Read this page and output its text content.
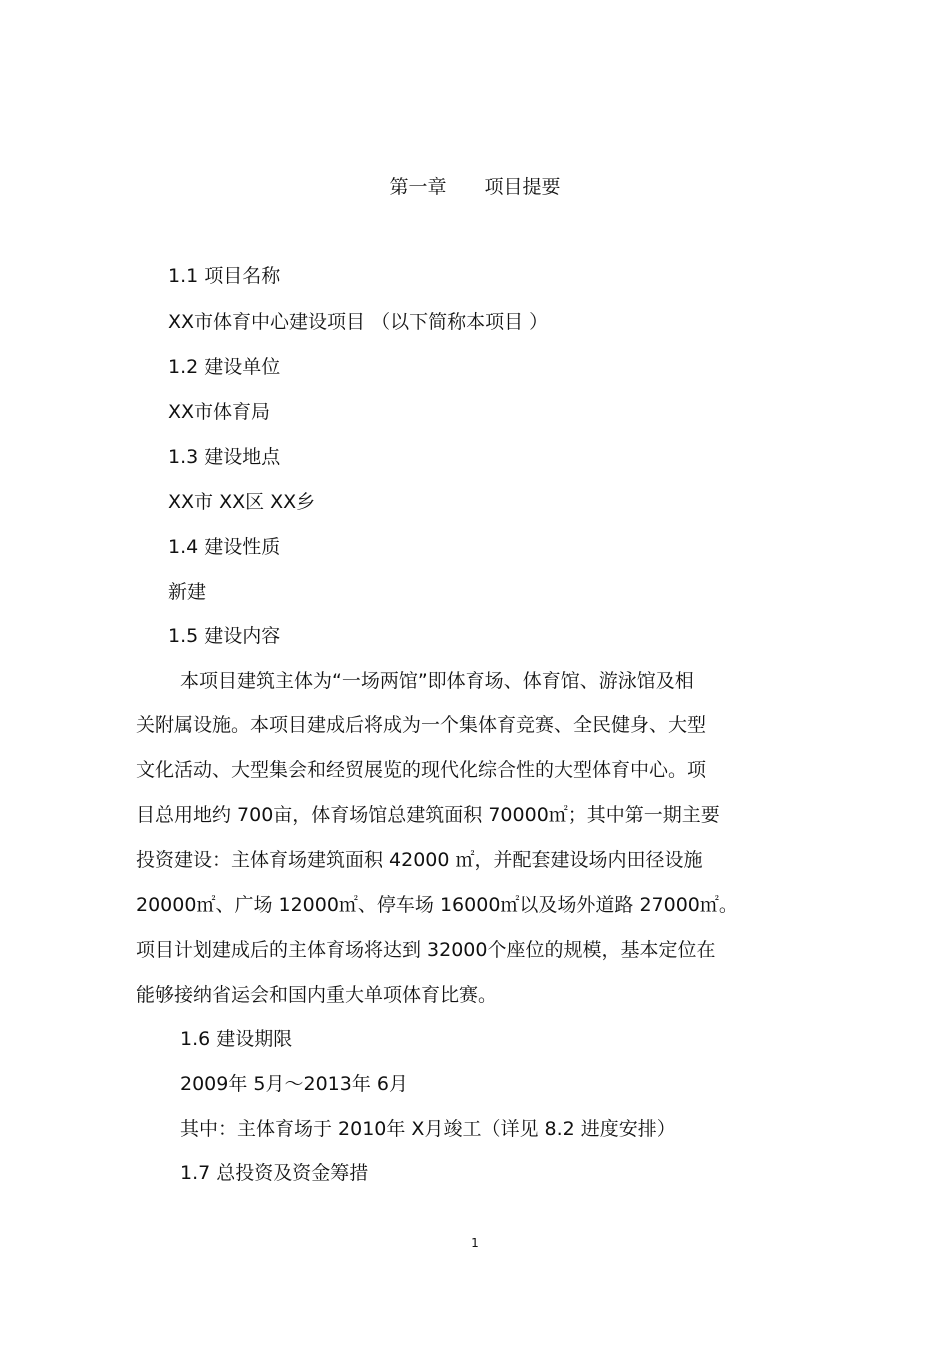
第一章 项目提要
1.1 项目名称
XX市体育中心建设项目 （以下简称本项目 ）
1.2 建设单位
XX市体育局
1.3 建设地点
XX市 XX区 XX乡
1.4 建设性质
新建
1.5 建设内容
本项目建筑主体为“一场两馆”即体育场、体育馆、游泳馆及相
关附属设施。本项目建成后将成为一个集体育竞赛、全民健身、大型
文化活动、大型集会和经贸展览的现代化综合性的大型体育中心。项
目总用地约 700亩，体育场馆总建筑面积 70000㎡；其中第一期主要
投资建设：主体育场建筑面积 42000 ㎡，并配套建设场内田径设施
20000㎡、广场 12000㎡、停车场 16000㎡以及场外道路 27000㎡。
项目计划建成后的主体育场将达到 32000个座位的规模，基本定位在
能够接纳省运会和国内重大单项体育比赛。
1.6 建设期限
2009年 5月～2013年 6月
其中：主体育场于 2010年 X月竣工（详见 8.2 进度安排）
1.7 总投资及资金筹措
1
